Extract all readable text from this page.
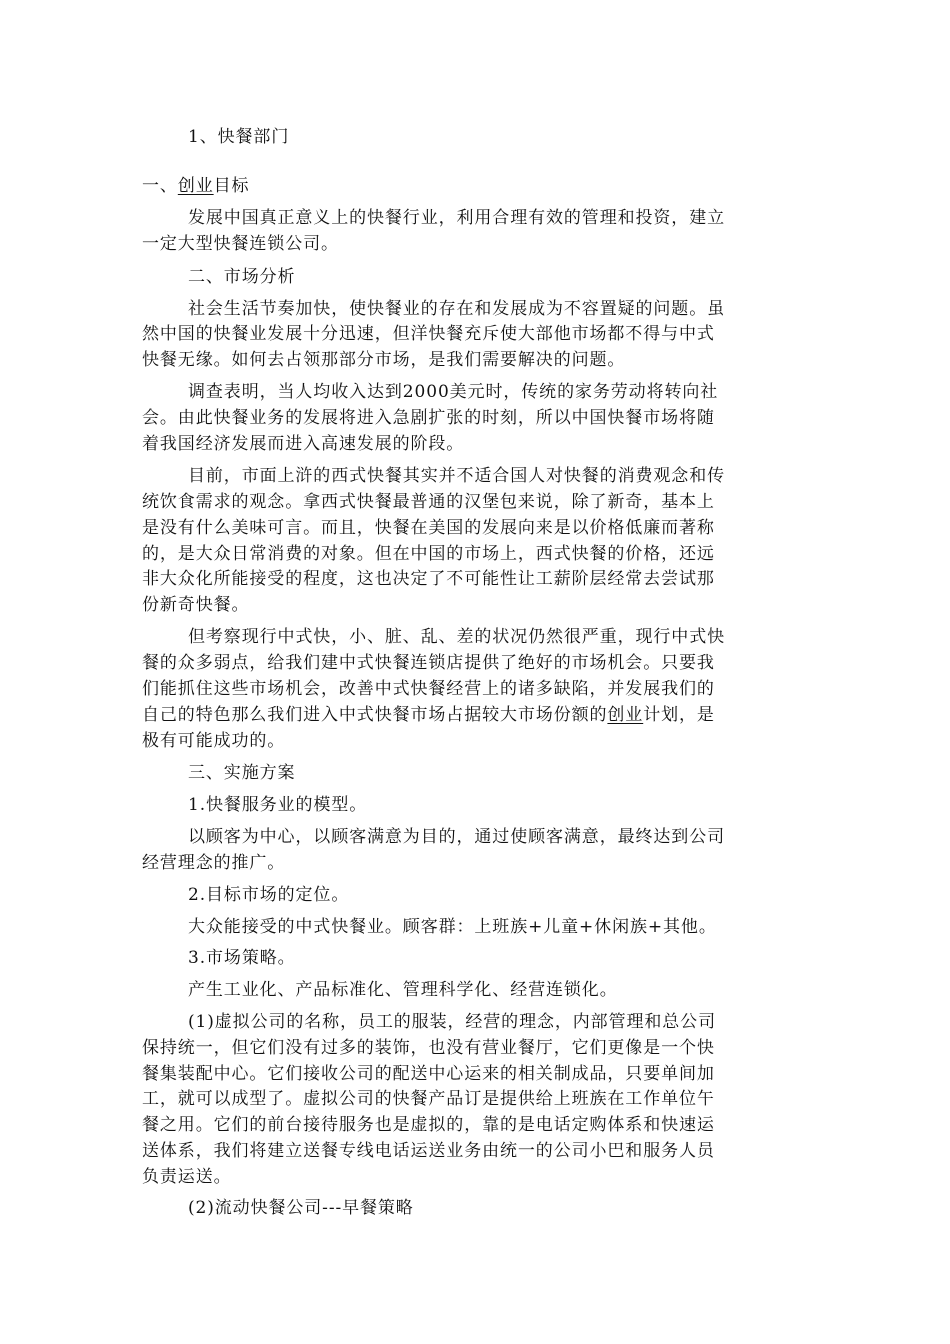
1、快餐部门
一、创业目标
发展中国真正意义上的快餐行业，利用合理有效的管理和投资，建立
一定大型快餐连锁公司。
二、市场分析
社会生活节奏加快，使快餐业的存在和发展成为不容置疑的问题。虽
然中国的快餐业发展十分迅速，但洋快餐充斥使大部他市场都不得与中式
快餐无缘。如何去占领那部分市场，是我们需要解决的问题。
调查表明，当人均收入达到2000美元时，传统的家务劳动将转向社
会。由此快餐业务的发展将进入急剧扩张的时刻，所以中国快餐市场将随
着我国经济发展而进入高速发展的阶段。
目前，市面上浒的西式快餐其实并不适合国人对快餐的消费观念和传
统饮食需求的观念。拿西式快餐最普通的汉堡包来说，除了新奇，基本上
是没有什么美味可言。而且，快餐在美国的发展向来是以价格低廉而著称
的，是大众日常消费的对象。但在中国的市场上，西式快餐的价格，还远
非大众化所能接受的程度，这也决定了不可能性让工薪阶层经常去尝试那
份新奇快餐。
但考察现行中式快，小、脏、乱、差的状况仍然很严重，现行中式快
餐的众多弱点，给我们建中式快餐连锁店提供了绝好的市场机会。只要我
们能抓住这些市场机会，改善中式快餐经营上的诸多缺陷，并发展我们的
自己的特色那么我们进入中式快餐市场占据较大市场份额的创业计划，是
极有可能成功的。
三、实施方案
1.快餐服务业的模型。
以顾客为中心，以顾客满意为目的，通过使顾客满意，最终达到公司
经营理念的推广。
2.目标市场的定位。
大众能接受的中式快餐业。顾客群：上班族+儿童+休闲族+其他。
3.市场策略。
产生工业化、产品标准化、管理科学化、经营连锁化。
(1)虚拟公司的名称，员工的服装，经营的理念，内部管理和总公司
保持统一，但它们没有过多的装饰，也没有营业餐厅，它们更像是一个快
餐集装配中心。它们接收公司的配送中心运来的相关制成品，只要单间加
工，就可以成型了。虚拟公司的快餐产品订是提供给上班族在工作单位午
餐之用。它们的前台接待服务也是虚拟的，靠的是电话定购体系和快速运
送体系，我们将建立送餐专线电话运送业务由统一的公司小巴和服务人员
负责运送。
(2)流动快餐公司---早餐策略
